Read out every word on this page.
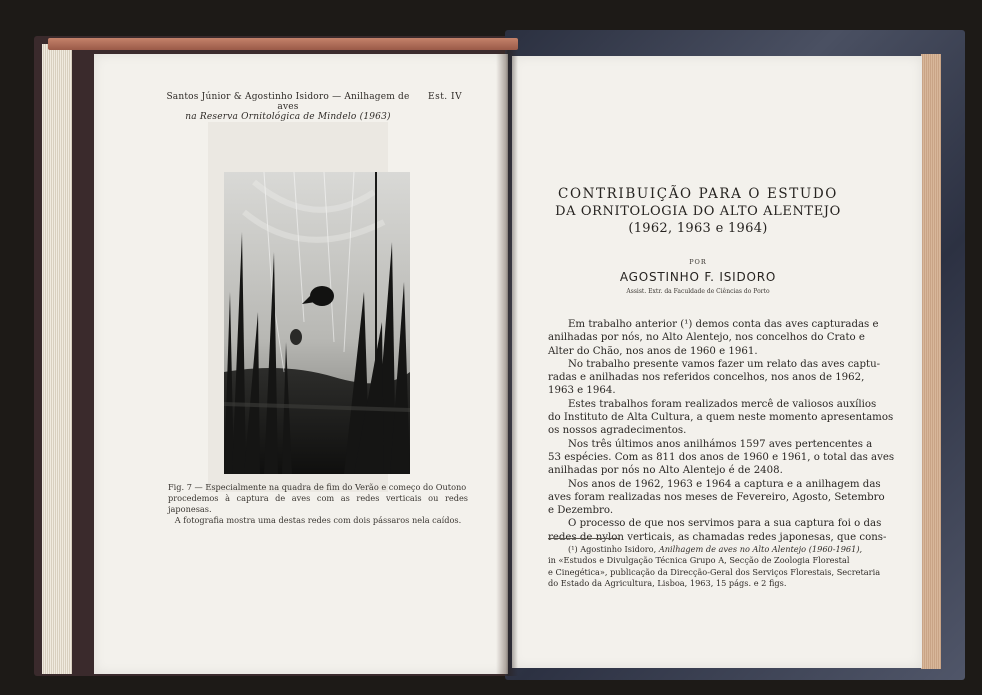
Santos Júnior & Agostinho Isidoro — Anilhagem de aves
na Reserva Ornitológica de Mindelo (1963)
Est. IV

Fig. 7 — Especialmente na quadra de fim do Verão e começo do Outono

procedemos à captura de aves com as redes verticais ou redes japonesas.

A fotografia mostra uma destas redes com dois pássaros nela caídos.

CONTRIBUIÇÃO PARA O ESTUDO
DA ORNITOLOGIA DO ALTO ALENTEJO
(1962, 1963 e 1964)
POR
AGOSTINHO F. ISIDORO
Assist. Extr. da Faculdade de Ciências do Porto
Em trabalho anterior (¹) demos conta das aves capturadas e
anilhadas por nós, no Alto Alentejo, nos concelhos do Crato e
Alter do Chão, nos anos de 1960 e 1961.
No trabalho presente vamos fazer um relato das aves captu-
radas e anilhadas nos referidos concelhos, nos anos de 1962,
1963 e 1964.
Estes trabalhos foram realizados mercê de valiosos auxílios
do Instituto de Alta Cultura, a quem neste momento apresentamos
os nossos agradecimentos.
Nos três últimos anos anilhámos 1597 aves pertencentes a
53 espécies. Com as 811 dos anos de 1960 e 1961, o total das aves
anilhadas por nós no Alto Alentejo é de 2408.
Nos anos de 1962, 1963 e 1964 a captura e a anilhagem das
aves foram realizadas nos meses de Fevereiro, Agosto, Setembro
e Dezembro.
O processo de que nos servimos para a sua captura foi o das
redes de nylon verticais, as chamadas redes japonesas, que cons-
(¹) Agostinho Isidoro, Anilhagem de aves no Alto Alentejo (1960-1961),
in «Estudos e Divulgação Técnica Grupo A, Secção de Zoologia Florestal
e Cinegética», publicação da Direcção-Geral dos Serviços Florestais, Secretaria
do Estado da Agricultura, Lisboa, 1963, 15 págs. e 2 figs.
